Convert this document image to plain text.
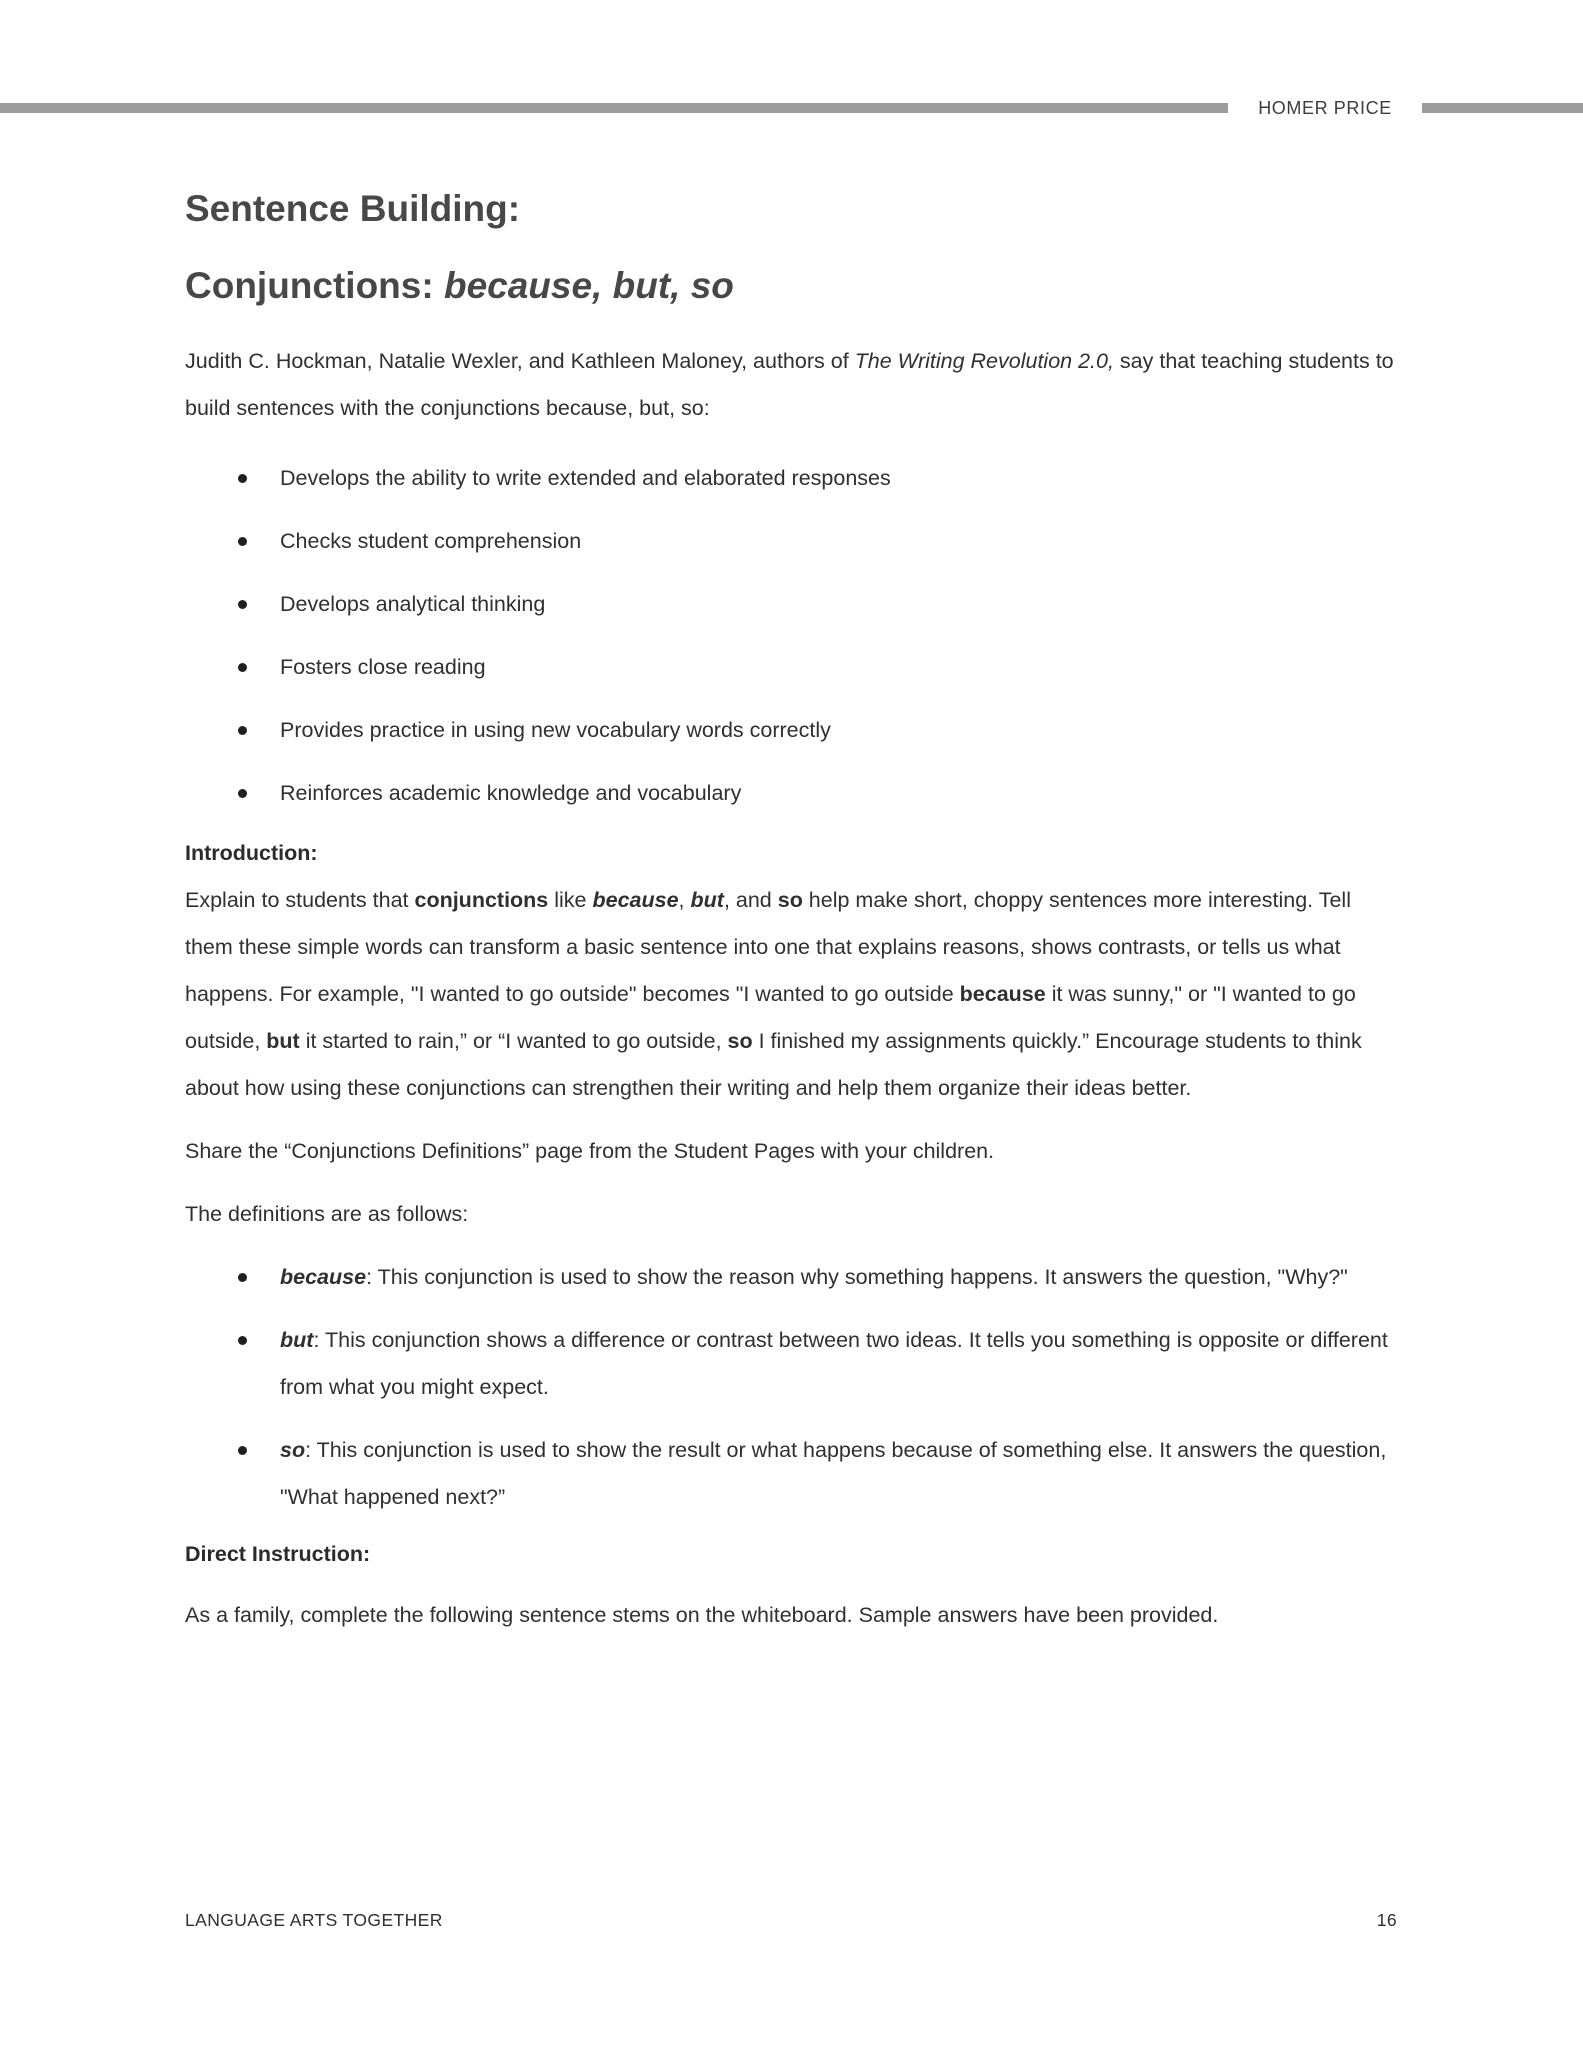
HOMER PRICE
Sentence Building:
Conjunctions: because, but, so

Judith C. Hockman, Natalie Wexler, and Kathleen Maloney, authors of The Writing Revolution 2.0, say that teaching students to build sentences with the conjunctions because, but, so:

Develops the ability to write extended and elaborated responses
Checks student comprehension
Develops analytical thinking
Fosters close reading
Provides practice in using new vocabulary words correctly
Reinforces academic knowledge and vocabulary
Introduction:

Explain to students that conjunctions like because, but, and so help make short, choppy sentences more interesting. Tell them these simple words can transform a basic sentence into one that explains reasons, shows contrasts, or tells us what happens. For example, "I wanted to go outside" becomes "I wanted to go outside because it was sunny," or "I wanted to go outside, but it started to rain,” or “I wanted to go outside, so I finished my assignments quickly.” Encourage students to think about how using these conjunctions can strengthen their writing and help them organize their ideas better.

Share the “Conjunctions Definitions” page from the Student Pages with your children.

The definitions are as follows:

because: This conjunction is used to show the reason why something happens. It answers the question, "Why?"
but: This conjunction shows a difference or contrast between two ideas. It tells you something is opposite or different from what you might expect.
so: This conjunction is used to show the result or what happens because of something else. It answers the question, "What happened next?”
Direct Instruction:

As a family, complete the following sentence stems on the whiteboard. Sample answers have been provided.

LANGUAGE ARTS TOGETHER	16
